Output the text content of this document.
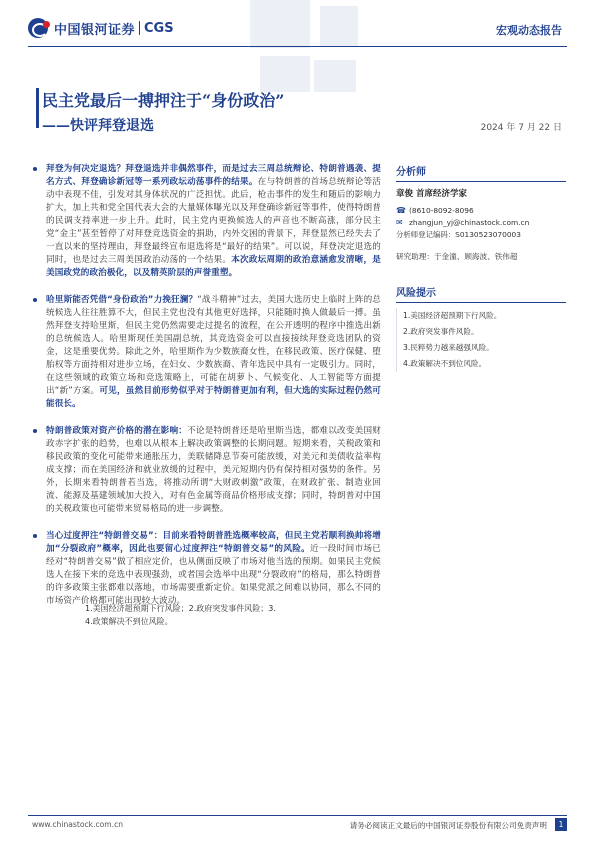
中国银河证券 CGS	宏观动态报告
民主党最后一搏押注于“身份政治”
——快评拜登退选	2024 年 7 月 22 日

拜登为何决定退选？拜登退选并非偶然事件，而是过去三周总统辩论、特朗普遇袭、提名方式、拜登确诊新冠等一系列政坛动荡事件的结果。在与特朗普的首场总统辩论等活动中表现不佳，引发对其身体状况的广泛担忧。此后，枪击事件的发生和随后的影响力扩大，加上共和党全国代表大会的大量媒体曝光以及拜登确诊新冠等事件，使得特朗普的民调支持率进一步上升。此时，民主党内更换候选人的声音也不断高涨，部分民主党“金主”甚至暂停了对拜登竞选资金的捐助，内外交困的背景下，拜登显然已经失去了一直以来的坚持理由，拜登最终宣布退选将是“最好的结果”。可以说，拜登决定退选的同时，也是过去三周美国政治动荡的一个结果。本次政坛周期的政治意涵愈发清晰，是美国政党的政治极化，以及精英阶层的声誉重塑。

哈里斯能否凭借“身份政治”力挽狂澜？“战斗精神”过去，美国大选历史上临时上阵的总统候选人往往胜算不大，但民主党也没有其他更好选择，只能随时换人做最后一搏。虽然拜登支持哈里斯，但民主党仍然需要走过提名的流程，在公开透明的程序中推选出新的总统候选人。哈里斯现任美国副总统，其竞选资金可以直接接续拜登竞选团队的资金，这是重要优势。除此之外，哈里斯作为少数族裔女性，在移民政策、医疗保健、堕胎权等方面持相对进步立场，在妇女、少数族裔、青年选民中具有一定吸引力。同时，在这些领域的政策立场和竞选策略上，可能在胡萝卜、气候变化、人工智能等方面提出“新”方案。可见，虽然目前形势似乎对于特朗普更加有利，但大选的实际过程仍然可能很长。

特朗普政策对资产价格的潜在影响：不论是特朗普还是哈里斯当选，都难以改变美国财政赤字扩张的趋势，也难以从根本上解决政策调整的长期问题。短期来看，关税政策和移民政策的变化可能带来通胀压力，美联储降息节奏可能放缓，对美元和美债收益率构成支撑；而在美国经济和就业放缓的过程中，美元短期内仍有保持相对强势的条件。另外，长期来看特朗普若当选，将推动所谓“大财政刺激”政策，在财政扩张、制造业回流、能源及基建领域加大投入，对有色金属等商品价格形成支撑；同时，特朗普对中国的关税政策也可能带来贸易格局的进一步调整。

当心过度押注“特朗普交易”：目前来看特朗普胜选概率较高，但民主党若顺利换帅将增加“分裂政府”概率，因此也要留心过度押注“特朗普交易”的风险。近一段时间市场已经对“特朗普交易”做了相应定价，也从侧面反映了市场对他当选的预期。如果民主党候选人在接下来的竞选中表现强劲，或者国会选举中出现“分裂政府”的格局，那么特朗普的许多政策主张都难以落地，市场需要重新定价。如果党派之间难以协同，那么不同的市场资产价格都可能出现较大波动。

1.美国经济超预期下行风险；2.政府突发事件风险；3.
4.政策解决不到位风险。
分析师
章俊 首席经济学家
☎ (8610-8092-8096
✉ zhangjun_yj@chinastock.com.cn
分析师登记编码：S0130523070003
研究助理：于金潼、顾海波、铁伟超
风险提示
1.美国经济超预期下行风险。
2.政府突发事件风险。
3.民粹势力越来越强风险。
4.政策解决不到位风险。
www.chinastock.com.cn	请务必阅读正文最后的中国银河证券股份有限公司免责声明	1
